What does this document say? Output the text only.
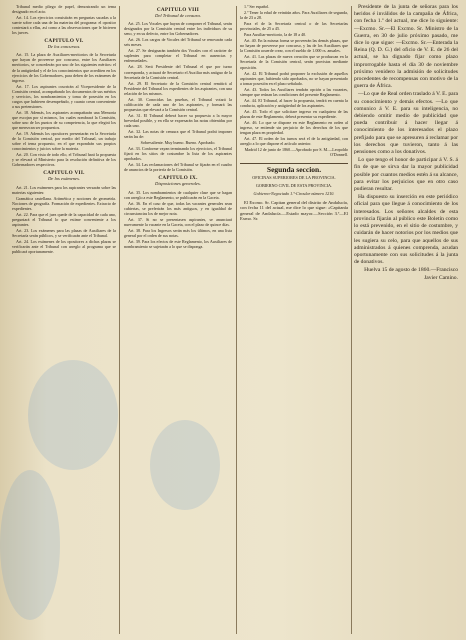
Tribunal medio pliego de papel, demostrando un tema designado en el acto.

Art. 14. Los ejercicios consistirán en preguntas sacadas a la suerte sobre cada una de las materias del programa: el opositor contestará a ellas, así como a las observaciones que le hicieren los jueces.

CAPITULO VI.

De los concursos.

Art. 15. La plaza de Auxiliares-meritorios de la Secretaría que hayan de proveerse por concurso, entre los Auxiliares meritorios, se concederán por uno de los siguientes méritos: el de la antigüedad y el de los conocimientos que acrediten en los ejercicios de los Gobernadores, para deben de los exámenes de ingreso.

Art. 17. Los aspirantes ocurrirán al Vicepresidente de la Comisión central, acompañando los documentos de sus méritos y servicios, los nombramientos y toma de posesión en los cargos que hubieren desempeñado, y cuanto crean conveniente a sus pretensiones.

Art. 18. Además, los aspirantes acompañarán una Memoria que escojan por sí mismos, los cuales nombrará la Comisión, sobre uno de los puntos de su competencia, la que elegirá los que merezcan ser propuestos.

Art. 19. Además los opositores presentarán en la Secretaría de la Comisión central, por medio del Tribunal, un trabajo sobre el tema propuesto, en el que expondrán sus propios conocimientos y juicios sobre la materia.

Art. 20. Con vista de todo ello, el Tribunal hará la propuesta y se elevará al Ministerio para la resolución definitiva de los Gobernadores respectivos.

CAPITULO VII.

De los exámenes.

Art. 21. Los exámenes para los aspirantes versarán sobre las materias siguientes:

Gramática castellana. Aritmética y nociones de geometría. Nociones de geografía. Formación de expedientes. Extracto de expedientes.

Art. 22. Para que el juez quede de la capacidad de cada uno, preguntará el Tribunal lo que estime conveniente a los aspirantes.

Art. 23. Los exámenes para las plazas de Auxiliares de la Secretaría serán públicos, y se verificarán ante el Tribunal.

Art. 24. Los exámenes de los opositores a dichas plazas se verificarán ante el Tribunal con arreglo al programa que se publicará oportunamente.

CAPITULO VIII

Del Tribunal de censura.

Art. 25. Los Vocales que hayan de componer el Tribunal, serán designados por la Comisión central entre los individuos de su seno, y en su defecto, entre los Gobernadores.

Art. 26. Los cargos de Vocales del Tribunal se renovarán cada seis meses.

Art. 27. Se designarán también dos Vocales con el carácter de suplentes para completar el Tribunal en ausencias y enfermedades.

Art. 28. Será Presidente del Tribunal el que por turno corresponda, y actuará de Secretario el Auxiliar más antiguo de la Secretaría de la Comisión central.

Art. 29. El Secretario de la Comisión central remitirá al Presidente del Tribunal los expedientes de los aspirantes, con una relación de los mismos.

Art. 30. Conocidas las pruebas, el Tribunal votará la calificación de cada uno de los aspirantes, y formará las propuestas que elevará a la Comisión central.

Art. 31. El Tribunal deberá hacer su propuesta a la mayor brevedad posible, y en ella se expresarán las notas obtenidas por cada uno.

Art. 32. Las notas de censura que el Tribunal podrá imponer serán las de:

Sobresaliente. Muy bueno. Bueno. Aprobado.

Art. 33. Conforme vayan terminando los ejercicios, el Tribunal fijará en los sitios de costumbre la lista de los aspirantes aprobados.

Art. 34. Las reclamaciones del Tribunal se fijarán en el cuadro de anuncios de la portería de la Comisión.

CAPITULO IX.

Disposiciones generales.

Art. 35. Los nombramientos de cualquier clase que se hagan con arreglo a este Reglamento, se publicarán en la Gaceta.

Art. 36. En el caso de que, todas las vacantes generales sean cubiertas, se preferirán los más antiguos, y en igualdad de circunstancias los de mejor nota.

Art. 37. Si no se presentasen aspirantes, se anunciará nuevamente la vacante en la Gaceta, con el plazo de quince días.

Art. 38. Para los Ingresos serán más los últimos, en una lista general por el orden de sus notas.

Art. 39. Para los efectos de este Reglamento, los Auxiliares de nombramiento se sujetarán a lo que se disponga.

1.º Ser español.

2.º Tener la edad de veintiún años. Para Auxiliares de segunda, la de 23 a 28.

Para el de la Secretaría central o de las Secretarías provinciales, de 25 a 45.

Para Auxiliar-meritorio, la de 18 a 40.

Art. 40. En la misma forma se proveerán las demás plazas, que no hayan de proveerse por concurso, y las de los Auxiliares que la Comisión acuerde crear, con el sueldo de 1.000 rs. anuales.

Art. 41. Las plazas de nueva creación que se produzcan en la Secretaría de la Comisión central, serán provistas mediante oposición.

Art. 42. El Tribunal podrá proponer la exclusión de aquellos aspirantes que, habiendo sido aprobados, no se hayan presentado a tomar posesión en el plazo señalado.

Art. 43. Todos los Auxiliares tendrán opción a las vacantes, siempre que reúnan las condiciones del presente Reglamento.

Art. 44. El Tribunal, al hacer la propuesta, tendrá en cuenta la conducta, aplicación y antigüedad de los aspirantes.

Art. 45. Todo el que solicitare ingreso en cualquiera de las plazas de este Reglamento, deberá presentar su expediente.

Art. 46. Lo que se dispone en este Reglamento en orden al ingreso, se entiende sin perjuicio de los derechos de los que tengan plaza en propiedad.

Art. 47. El orden de los turnos será el de la antigüedad, con arreglo a lo que dispone el artículo anterior.

Madrid 12 de junio de 1860.—Aprobado por S. M.—Leopoldo O'Donnell.

Segunda seccion.

OFICINAS SUPERIORES DE LA PROVINCIA.

GOBIERNO CIVIL DE ESTA PROVINCIA.

Gobierno-Negociado 1.º-Circular número 1210.

El Excmo. Sr. Capitan general del distrito de Andalucía, con fecha 11 del actual, me dice lo que sigue: «Capitanía general de Andalucía.—Estado mayor.—Sección 3.ª—El Exmo. Sr.

Presidente de la junta de señoras para los heridos é inválidos de la campaña de África, con fecha 1.º del actual, me dice lo siguiente: —Excmo. Sr.—El Excmo. Sr. Ministro de la Guerra, en 30 de julio próximo pasado, me dice lo que sigue: —Excmo. Sr.—Enterada la Reina (Q. D. G.) del oficio de V. E. de 26 del actual, se ha dignado fijar como plazo improrrogable hasta el día 30 de noviembre próximo venidero la admisión de solicitudes procedentes de recompensas con motivo de la guerra de África.

—Lo que de Real orden traslado á V. E. para su conocimiento y demás efectos. —Lo que comunico á V. E. para su inteligencia, no debiendo omitir medio de publicidad que pueda contribuir á hacer llegar á conocimiento de los interesados el plazo prefijado para que se apresuren á reclamar por los derechos que tuvieron, tanto á las pensiones como a los donativos.

Lo que tengo el honor de participar á V. S. á fin de que se sirva dar la mayor publicidad posible por cuantos medios estén á su alcance, para evitar los perjuicios que en otro caso pudieran resultar.

Ha dispuesto su inserción en este periódico oficial para que llegue á conocimiento de los interesados. Los señores alcaldes de esta provincia fijarán al público este Boletín como lo está prevenido, en el sitio de costumbre, y cuidarán de hacer notorios por los medios que les sugiera su celo, para que aquellos de sus administrados á quienes comprenda, acudan oportunamente con sus solicitudes á la junta de donativos.

Huelva 15 de agosto de 1860.—Francisco Javier Camino.
